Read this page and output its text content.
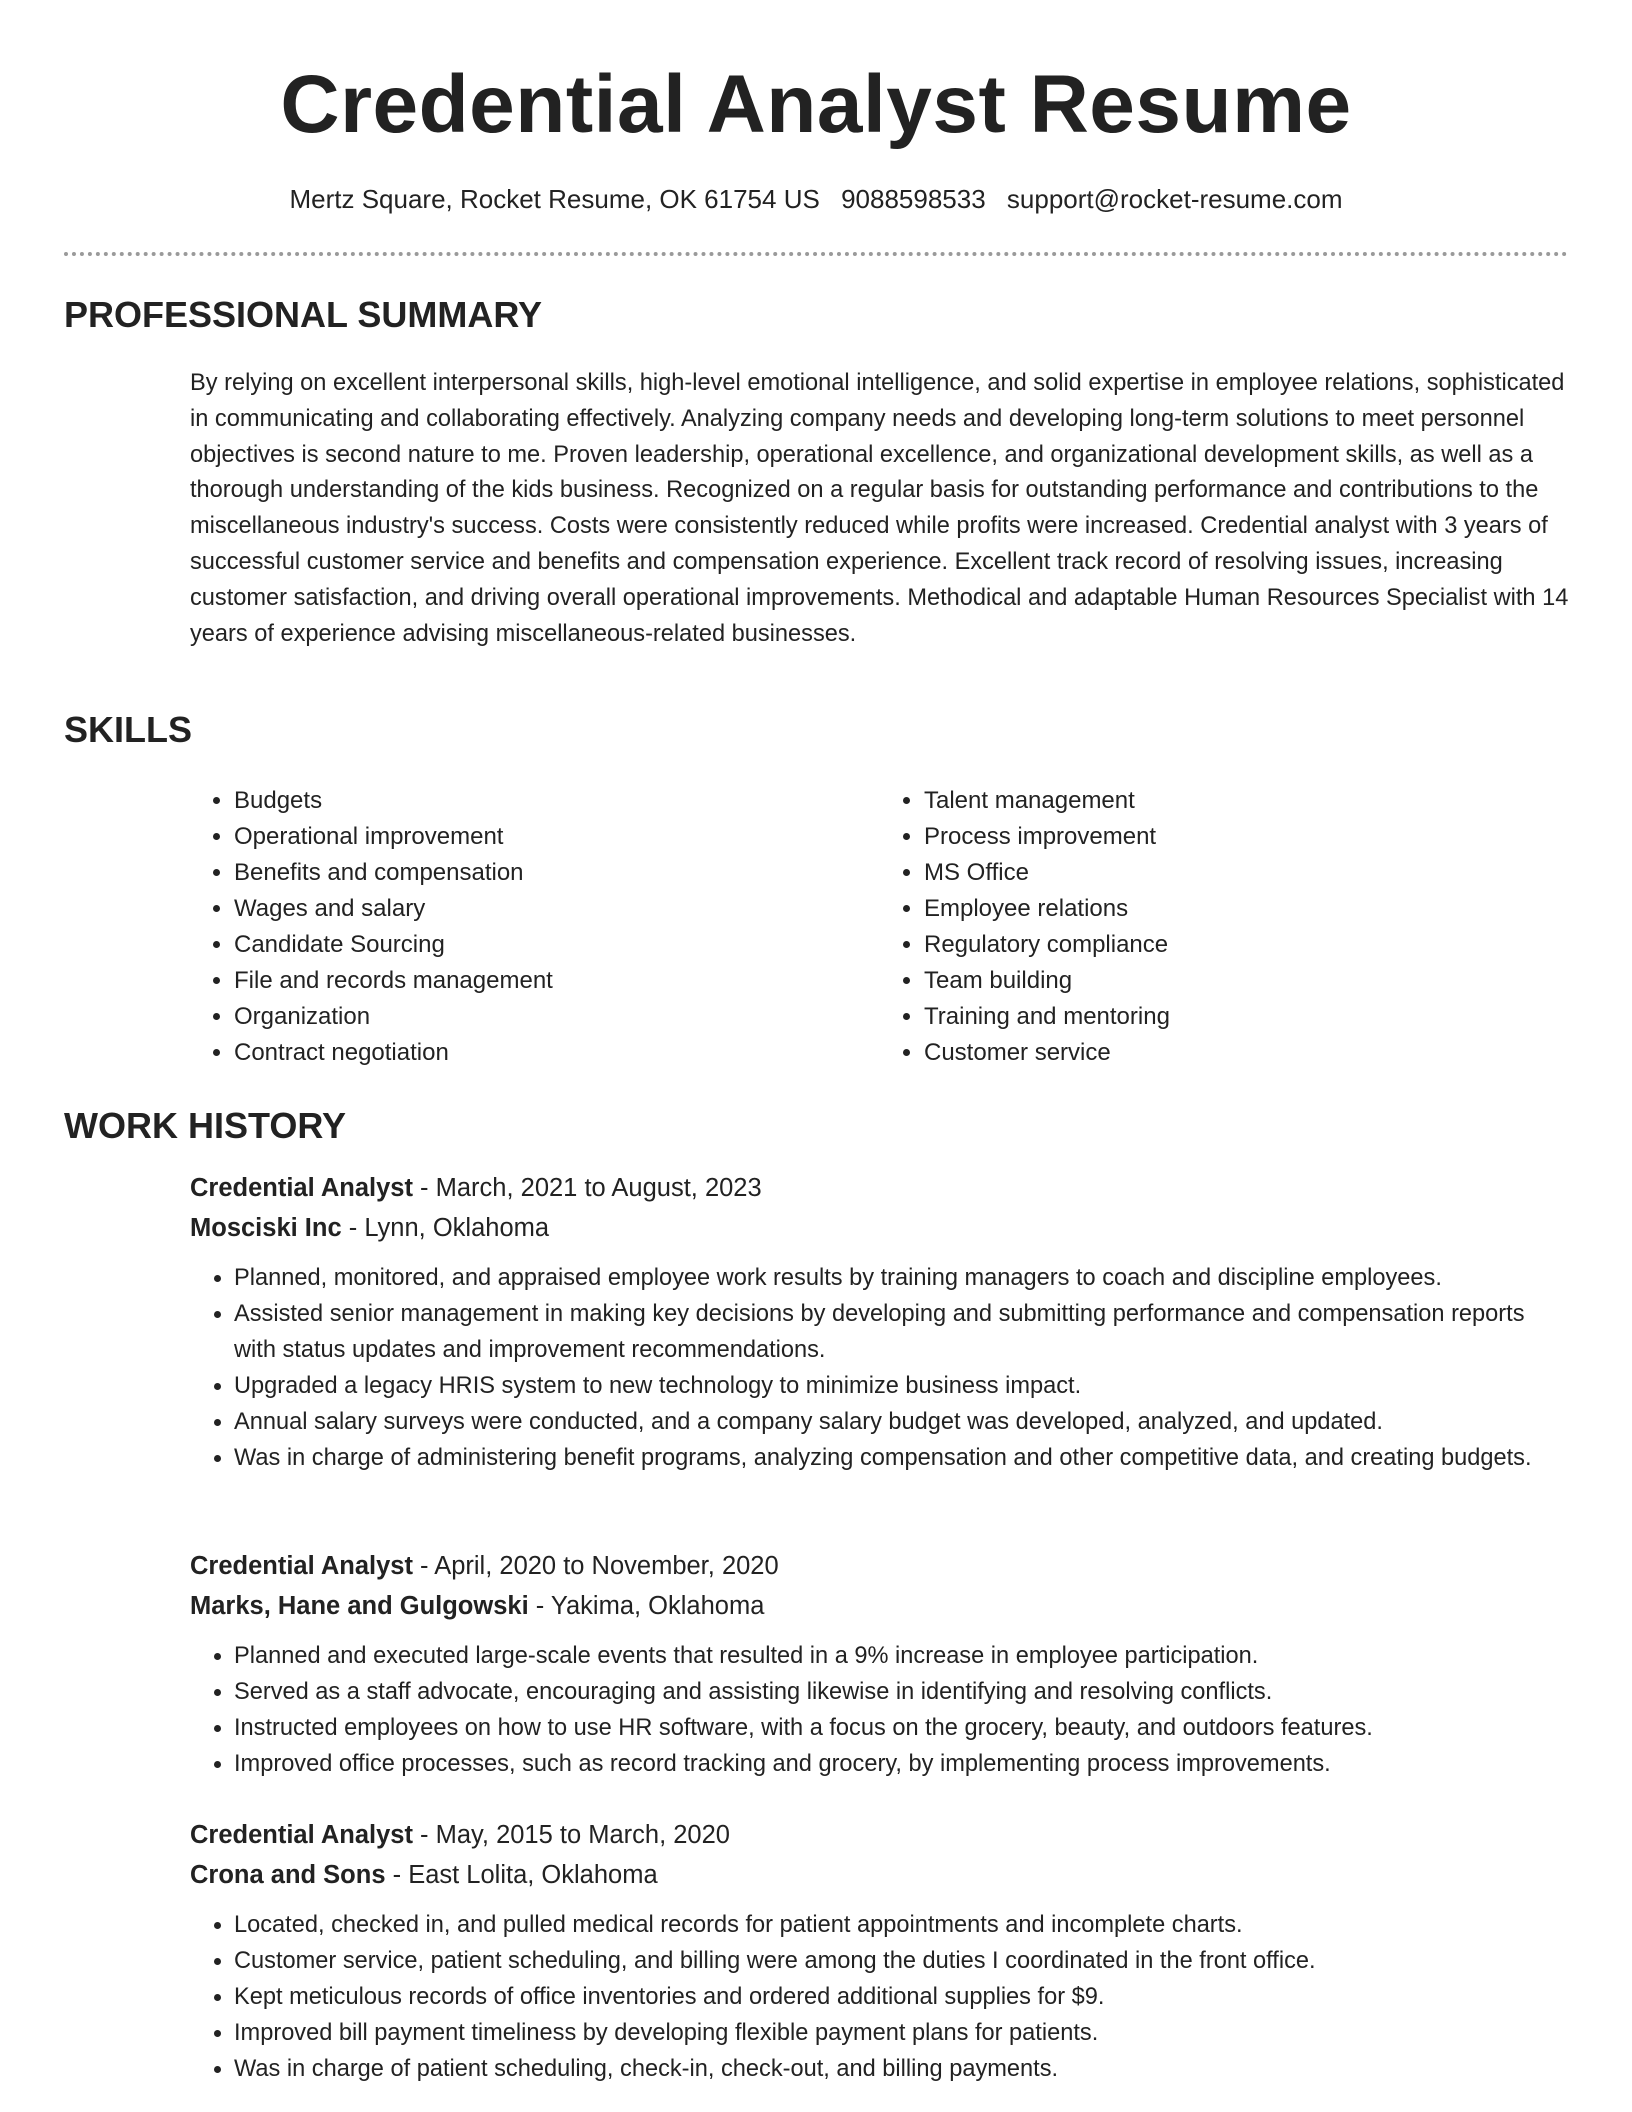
Credential Analyst Resume
Mertz Square, Rocket Resume, OK 61754 US 9088598533 support@rocket-resume.com
PROFESSIONAL SUMMARY

By relying on excellent interpersonal skills, high-level emotional intelligence, and solid expertise in employee relations, sophisticated in communicating and collaborating effectively. Analyzing company needs and developing long-term solutions to meet personnel objectives is second nature to me. Proven leadership, operational excellence, and organizational development skills, as well as a thorough understanding of the kids business. Recognized on a regular basis for outstanding performance and contributions to the miscellaneous industry's success. Costs were consistently reduced while profits were increased. Credential analyst with 3 years of successful customer service and benefits and compensation experience. Excellent track record of resolving issues, increasing customer satisfaction, and driving overall operational improvements. Methodical and adaptable Human Resources Specialist with 14 years of experience advising miscellaneous-related businesses.

SKILLS
• Budgets
• Operational improvement
• Benefits and compensation
• Wages and salary
• Candidate Sourcing
• File and records management
• Organization
• Contract negotiation
• Talent management
• Process improvement
• MS Office
• Employee relations
• Regulatory compliance
• Team building
• Training and mentoring
• Customer service
WORK HISTORY
Credential Analyst - March, 2021 to August, 2023
Mosciski Inc - Lynn, Oklahoma
• Planned, monitored, and appraised employee work results by training managers to coach and discipline employees.
• Assisted senior management in making key decisions by developing and submitting performance and compensation reports with status updates and improvement recommendations.
• Upgraded a legacy HRIS system to new technology to minimize business impact.
• Annual salary surveys were conducted, and a company salary budget was developed, analyzed, and updated.
• Was in charge of administering benefit programs, analyzing compensation and other competitive data, and creating budgets.
Credential Analyst - April, 2020 to November, 2020
Marks, Hane and Gulgowski - Yakima, Oklahoma
• Planned and executed large-scale events that resulted in a 9% increase in employee participation.
• Served as a staff advocate, encouraging and assisting likewise in identifying and resolving conflicts.
• Instructed employees on how to use HR software, with a focus on the grocery, beauty, and outdoors features.
• Improved office processes, such as record tracking and grocery, by implementing process improvements.
Credential Analyst - May, 2015 to March, 2020
Crona and Sons - East Lolita, Oklahoma
• Located, checked in, and pulled medical records for patient appointments and incomplete charts.
• Customer service, patient scheduling, and billing were among the duties I coordinated in the front office.
• Kept meticulous records of office inventories and ordered additional supplies for $9.
• Improved bill payment timeliness by developing flexible payment plans for patients.
• Was in charge of patient scheduling, check-in, check-out, and billing payments.
